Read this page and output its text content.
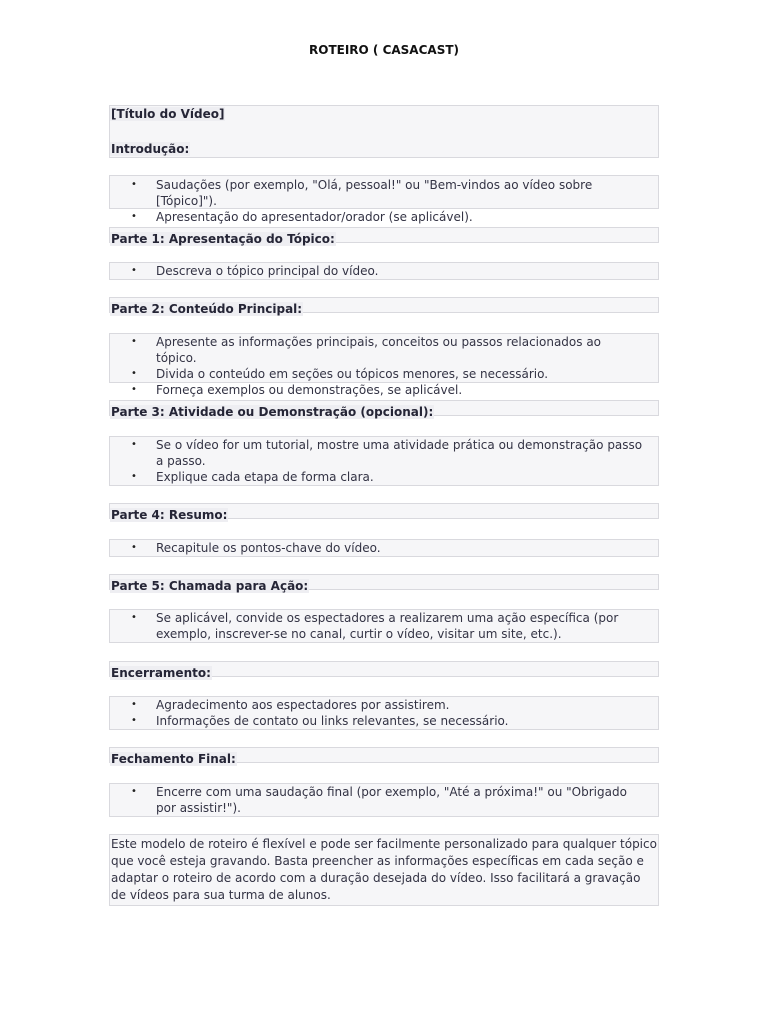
ROTEIRO ( CASACAST)
[Título do Vídeo]
Introdução:
• Saudações (por exemplo, "Olá, pessoal!" ou "Bem-vindos ao vídeo sobre [Tópico]").
• Apresentação do apresentador/orador (se aplicável).
Parte 1: Apresentação do Tópico:
• Descreva o tópico principal do vídeo.
Parte 2: Conteúdo Principal:
• Apresente as informações principais, conceitos ou passos relacionados ao tópico.
• Divida o conteúdo em seções ou tópicos menores, se necessário.
• Forneça exemplos ou demonstrações, se aplicável.
Parte 3: Atividade ou Demonstração (opcional):
• Se o vídeo for um tutorial, mostre uma atividade prática ou demonstração passo a passo.
• Explique cada etapa de forma clara.
Parte 4: Resumo:
• Recapitule os pontos-chave do vídeo.
Parte 5: Chamada para Ação:
• Se aplicável, convide os espectadores a realizarem uma ação específica (por exemplo, inscrever-se no canal, curtir o vídeo, visitar um site, etc.).
Encerramento:
• Agradecimento aos espectadores por assistirem.
• Informações de contato ou links relevantes, se necessário.
Fechamento Final:
• Encerre com uma saudação final (por exemplo, "Até a próxima!" ou "Obrigado por assistir!").
Este modelo de roteiro é flexível e pode ser facilmente personalizado para qualquer tópico que você esteja gravando. Basta preencher as informações específicas em cada seção e adaptar o roteiro de acordo com a duração desejada do vídeo. Isso facilitará a gravação de vídeos para sua turma de alunos.
